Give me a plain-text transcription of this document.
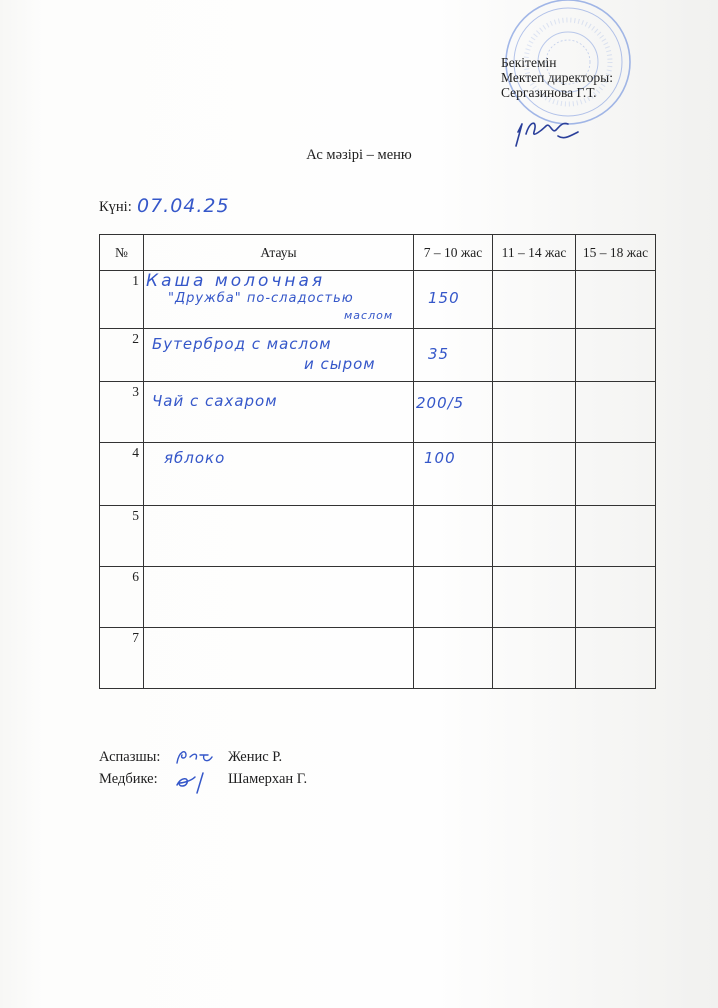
Бекітемін
Мектеп директоры:
Сергазинова Г.Т.
Ас мәзірі – меню
Күні: 07.04.25
№	Атауы	7 – 10 жас	11 – 14 жас	15 – 18 жас
1	Каша молочная
"Дружба" по-сладостью
маслом	150		

2	Бутерброд с маслом
и сыром	35		

3	Чай с сахаром	200/5		

4	яблоко	100		

5				
6				
7				
Аспазшы:	Женис Р.
Медбике:	Шамерхан Г.
